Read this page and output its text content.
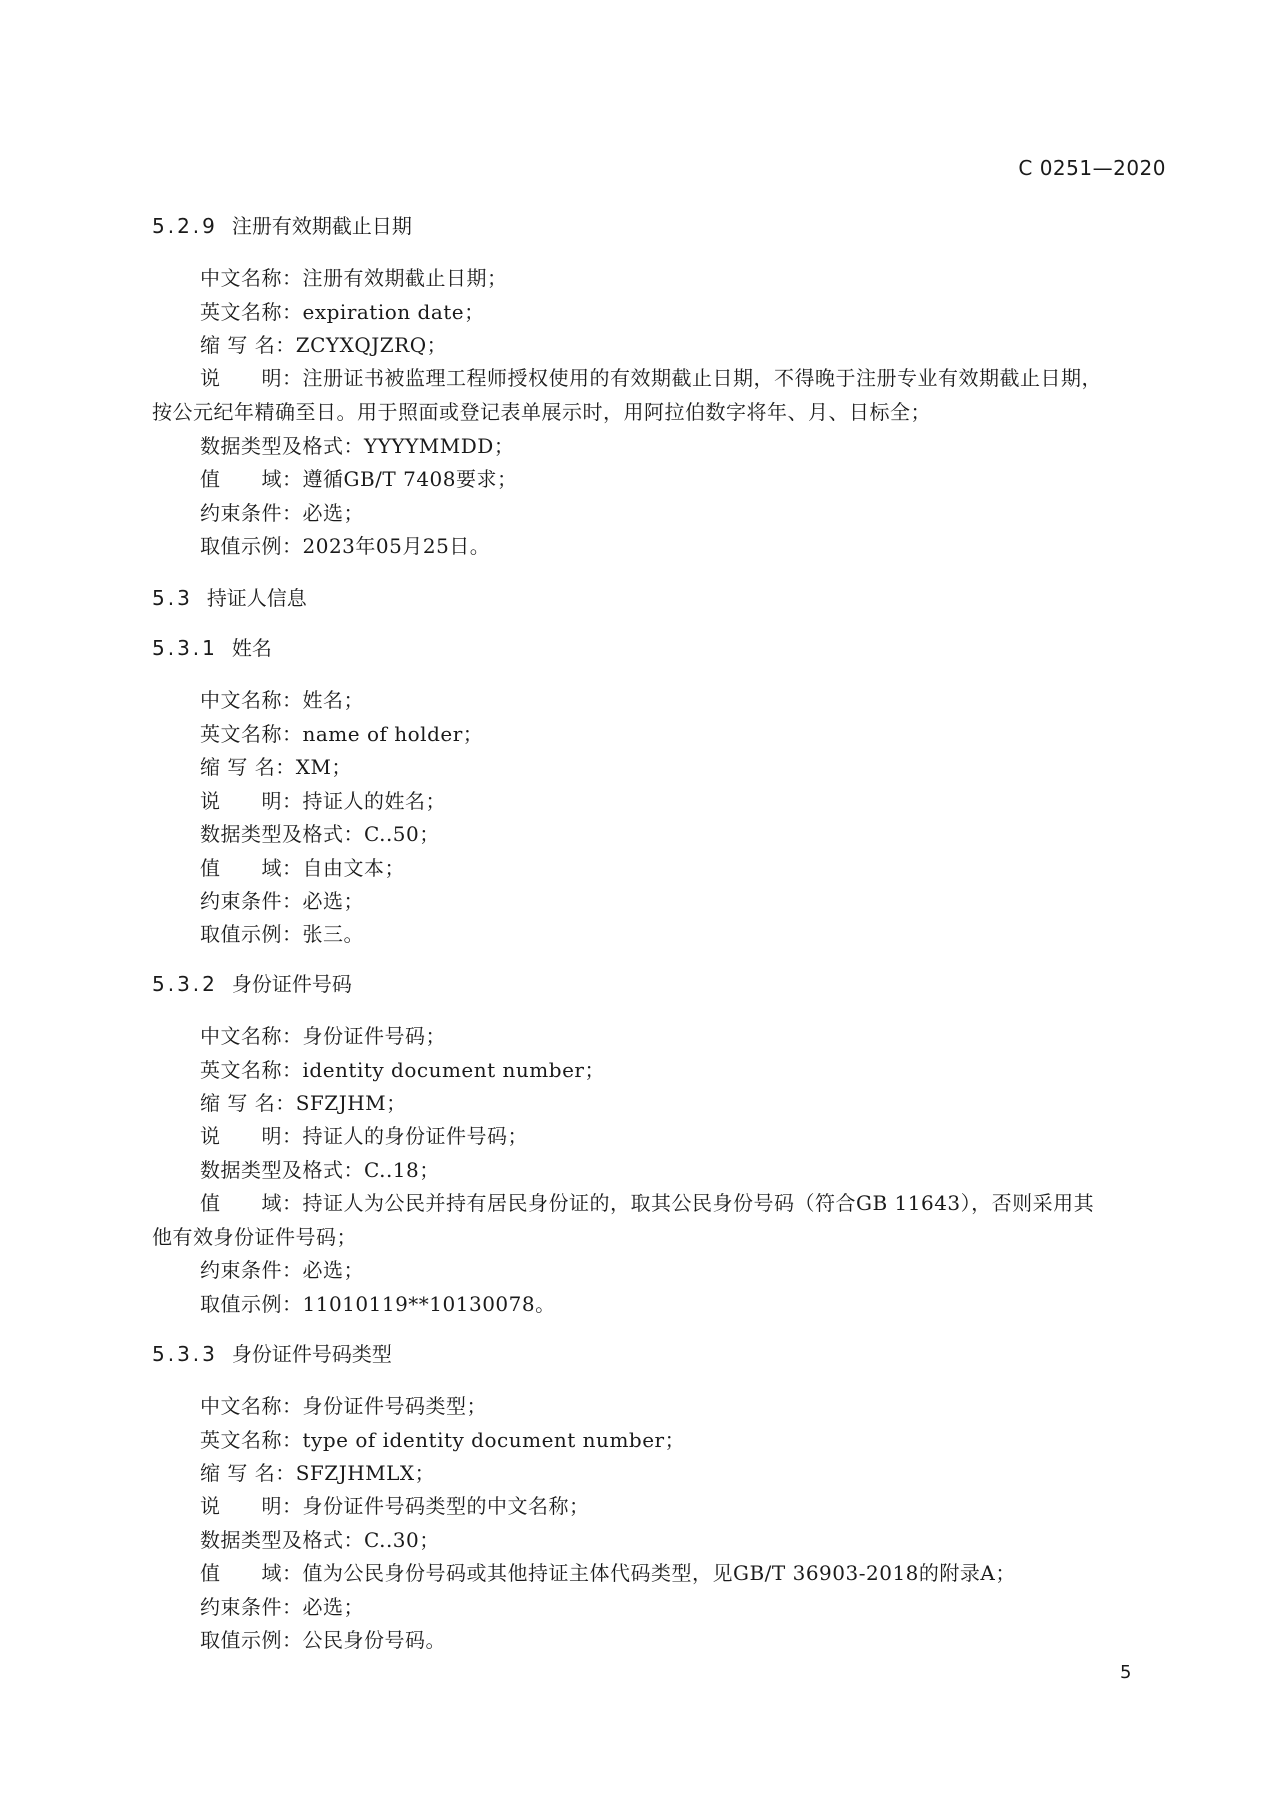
C 0251—2020
5.2.9 注册有效期截止日期
中文名称：注册有效期截止日期；
英文名称：expiration date；
缩 写 名：ZCYXQJZRQ；
说　　明：注册证书被监理工程师授权使用的有效期截止日期，不得晚于注册专业有效期截止日期，
按公元纪年精确至日。用于照面或登记表单展示时，用阿拉伯数字将年、月、日标全；
数据类型及格式：YYYYMMDD；
值　　域：遵循GB/T 7408要求；
约束条件：必选；
取值示例：2023年05月25日。
5.3 持证人信息
5.3.1 姓名
中文名称：姓名；
英文名称：name of holder；
缩 写 名：XM；
说　　明：持证人的姓名；
数据类型及格式：C..50；
值　　域：自由文本；
约束条件：必选；
取值示例：张三。
5.3.2 身份证件号码
中文名称：身份证件号码；
英文名称：identity document number；
缩 写 名：SFZJHM；
说　　明：持证人的身份证件号码；
数据类型及格式：C..18；
值　　域：持证人为公民并持有居民身份证的，取其公民身份号码（符合GB 11643），否则采用其
他有效身份证件号码；
约束条件：必选；
取值示例：11010119**10130078。
5.3.3 身份证件号码类型
中文名称：身份证件号码类型；
英文名称：type of identity document number；
缩 写 名：SFZJHMLX；
说　　明：身份证件号码类型的中文名称；
数据类型及格式：C..30；
值　　域：值为公民身份号码或其他持证主体代码类型，见GB/T 36903-2018的附录A；
约束条件：必选；
取值示例：公民身份号码。
5
